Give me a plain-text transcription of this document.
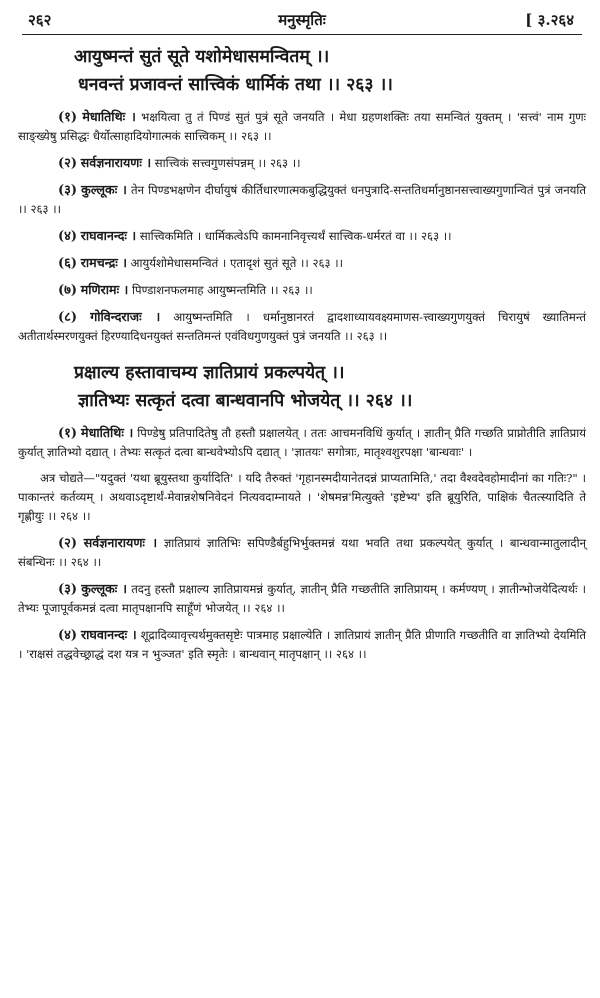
२६२	मनुस्मृतिः	[ ३.२६४

आयुष्मन्तं सुतं सूते यशोमेधासमन्वितम् ।।

धनवन्तं प्रजावन्तं सात्त्विकं धार्मिकं तथा ।। २६३ ।।

(१) मेधातिथिः । भक्षयित्वा तु तं पिण्डं सुतं पुत्रं सूते जनयति । मेधा ग्रहणशक्तिः तया समन्वितं युक्तम् । 'सत्त्वं' नाम गुणः साङ्ख्येषु प्रसिद्धः धैर्योत्साहादियोगात्मकं सात्त्विकम् ।। २६३ ।।

(२) सर्वज्ञनारायणः । सात्त्विकं सत्त्वगुणसंपन्नम् ।। २६३ ।।

(३) कुल्लूकः । तेन पिण्डभक्षणेन दीर्घायुषं कीर्तिधारणात्मकबुद्धियुक्तं धनपुत्रादि-सन्ततिधर्मानुष्ठानसत्त्वाख्यगुणान्वितं पुत्रं जनयति ।। २६३ ।।

(४) राघवानन्दः । सात्त्विकमिति । धार्मिकत्वेऽपि कामनानिवृत्त्यर्थं सात्त्विक-धर्मरतं वा ।। २६३ ।।

(६) रामचन्द्रः । आयुर्यशोमेधासमन्वितं । एतादृशं सुतं सूते ।। २६३ ।।

(७) मणिरामः । पिण्डाशनफलमाह आयुष्मन्तमिति ।। २६३ ।।

(८) गोविन्दराजः । आयुष्मन्तमिति । धर्मानुष्ठानरतं द्वादशाध्यायवक्ष्यमाणस-त्त्वाख्यगुणयुक्तं चिरायुषं ख्यातिमन्तं अतीतार्थस्मरणयुक्तं हिरण्यादिधनयुक्तं सन्ततिमन्तं एवंविधगुणयुक्तं पुत्रं जनयति ।। २६३ ।।

प्रक्षाल्य हस्तावाचम्य ज्ञातिप्रायं प्रकल्पयेत् ।।

ज्ञातिभ्यः सत्कृतं दत्वा बान्धवानपि भोजयेत् ।। २६४ ।।

(१) मेधातिथिः । पिण्डेषु प्रतिपादितेषु तौ हस्तौ प्रक्षालयेत् । ततः आचमनविधिं कुर्यात् । ज्ञातीन् प्रैति गच्छति प्राप्नोतीति ज्ञातिप्रायं कुर्यात् ज्ञातिभ्यो दद्यात् । तेभ्यः सत्कृतं दत्वा बान्धवेभ्योऽपि दद्यात् । 'ज्ञातयः' सगोत्राः, मातृश्वशुरपक्षा 'बान्धवाः' ।

अत्र चोद्यते—"यदुक्तं 'यथा ब्रूयुस्तथा कुर्यादिति' । यदि तैरुक्तं 'गृहानस्मदीयानेतदन्नं प्राप्यतामिति,' तदा वैश्वदेवहोमादीनां का गतिः?" । पाकान्तरं कर्तव्यम् । अथवाऽदृष्टार्थं-मेवान्नशेषनिवेदनं नित्यवदाम्नायते । 'शेषमन्न'मित्युक्ते 'इष्टेभ्य' इति ब्रूयुरिति, पाक्षिकं चैतत्स्यादिति ते गृह्णीयुः ।। २६४ ।।

(२) सर्वज्ञनारायणः । ज्ञातिप्रायं ज्ञातिभिः सपिण्डैर्बहुभिर्भुक्तमन्नं यथा भवति तथा प्रकल्पयेत् कुर्यात् । बान्धवान्मातुलादीन् संबन्धिनः ।। २६४ ।।

(३) कुल्लूकः । तदनु हस्तौ प्रक्षाल्य ज्ञातिप्रायमन्नं कुर्यात्, ज्ञातीन् प्रैति गच्छतीति ज्ञातिप्रायम् । कर्मण्यण् । ज्ञातीन्भोजयेदित्यर्थः । तेभ्यः पूजापूर्वकमन्नं दत्वा मातृपक्षानपि साहूँणं भोजयेत् ।। २६४ ।।

(४) राघवानन्दः । शूद्रादिव्यावृत्त्यर्थमुक्तसृष्टेः पात्रमाह प्रक्षाल्येति । ज्ञातिप्रायं ज्ञातीन् प्रैति प्रीणाति गच्छतीति वा ज्ञातिभ्यो देयमिति । 'राक्षसं तद्धवेच्छ्राद्धं दश यत्र न भुञ्जत' इति स्मृतेः । बान्धवान् मातृपक्षान् ।। २६४ ।।
